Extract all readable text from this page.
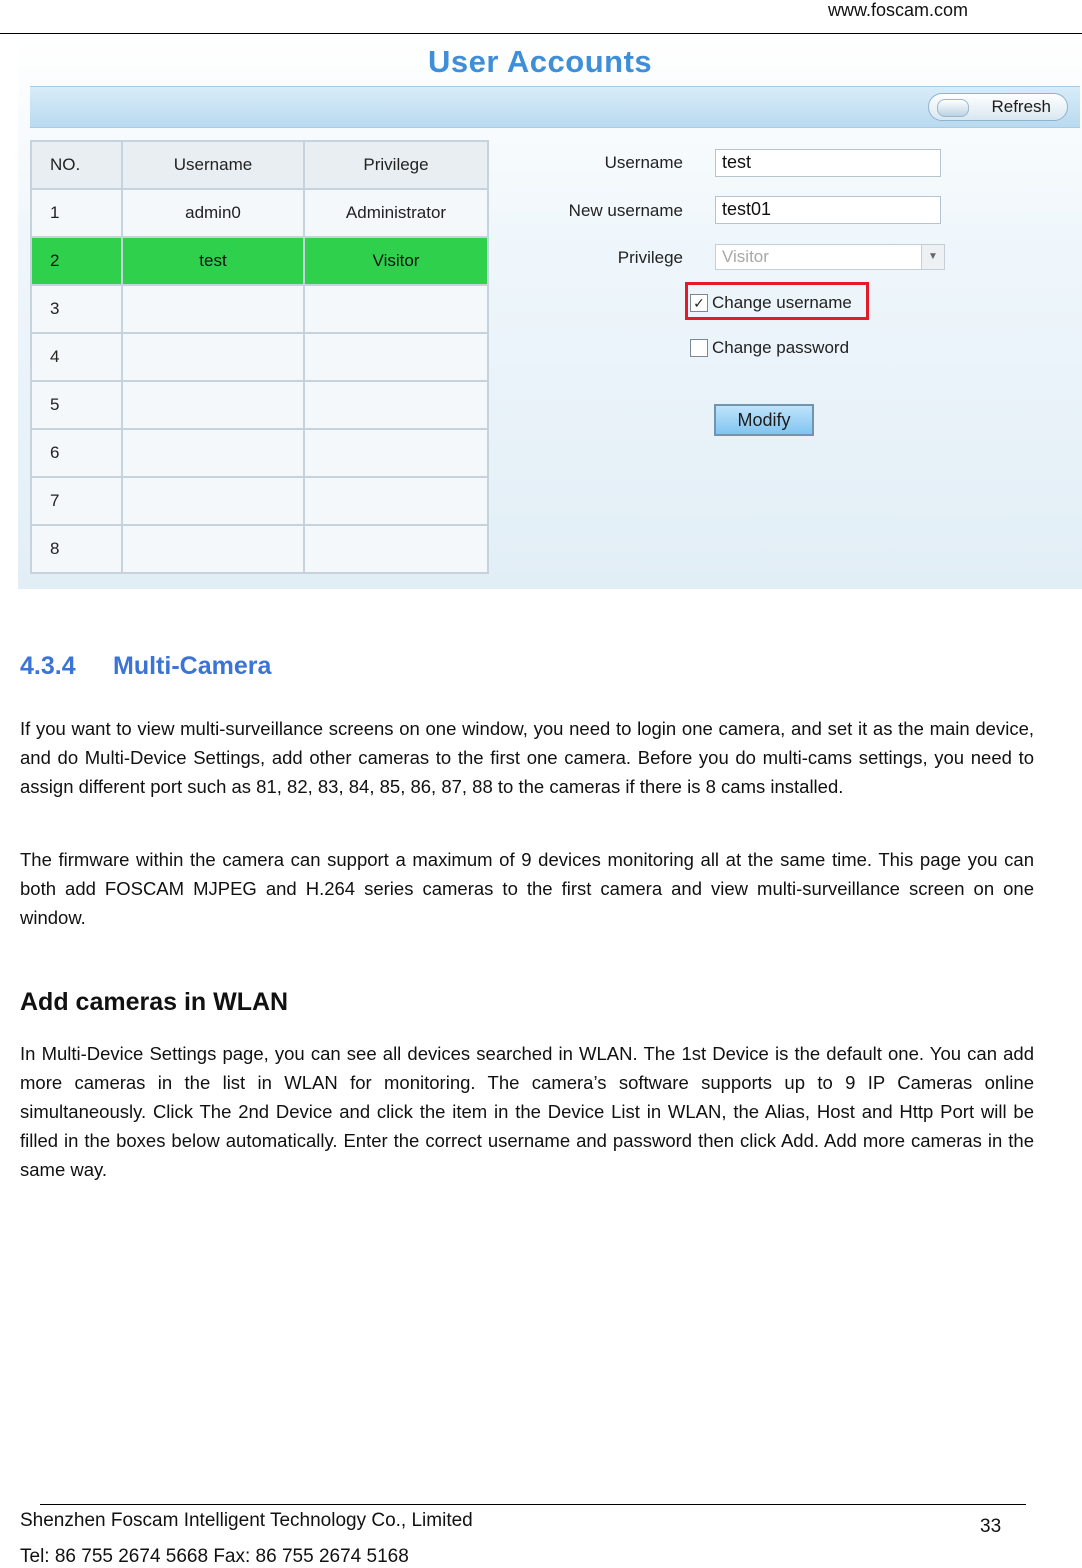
www.foscam.com
User Accounts
Refresh
NO.	Username	Privilege
1	admin0	Administrator
2	test	Visitor
3		
4		
5		
6		
7		
8		
Username	test
New username	test01
Privilege	Visitor	▼
✓ Change username
Change password
Modify
4.3.4 Multi-Camera

If you want to view multi-surveillance screens on one window, you need to login one camera, and set it as the main device, and do Multi-Device Settings, add other cameras to the first one camera. Before you do multi-cams settings, you need to assign different port such as 81, 82, 83, 84, 85, 86, 87, 88 to the cameras if there is 8 cams installed.

The firmware within the camera can support a maximum of 9 devices monitoring all at the same time. This page you can both add FOSCAM MJPEG and H.264 series cameras to the first camera and view multi-surveillance screen on one window.

Add cameras in WLAN

In Multi-Device Settings page, you can see all devices searched in WLAN. The 1st Device is the default one. You can add more cameras in the list in WLAN for monitoring. The camera’s software supports up to 9 IP Cameras online simultaneously. Click The 2nd Device and click the item in the Device List in WLAN, the Alias, Host and Http Port will be filled in the boxes below automatically. Enter the correct username and password then click Add. Add more cameras in the same way.

Shenzhen Foscam Intelligent Technology Co., Limited
Tel: 86 755 2674 5668 Fax: 86 755 2674 5168
33
